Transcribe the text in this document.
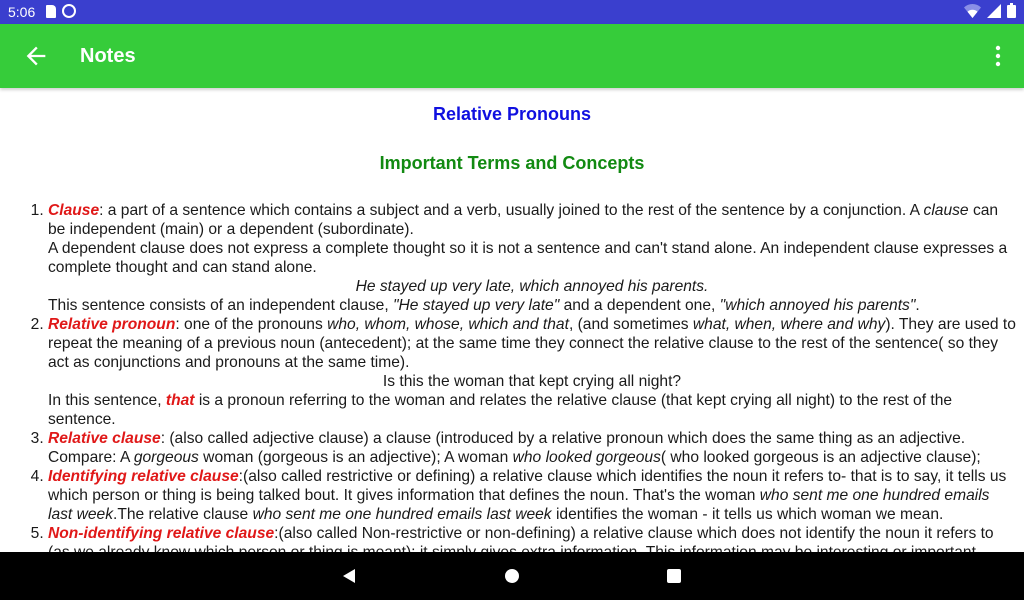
5:06
Notes
Relative Pronouns
Important Terms and Concepts
1. Clause: a part of a sentence which contains a subject and a verb, usually joined to the rest of the sentence by a conjunction. A clause can be independent (main) or a dependent (subordinate).
A dependent clause does not express a complete thought so it is not a sentence and can't stand alone. An independent clause expresses a complete thought and can stand alone.
He stayed up very late, which annoyed his parents.
This sentence consists of an independent clause, "He stayed up very late" and a dependent one, "which annoyed his parents".
2. Relative pronoun: one of the pronouns who, whom, whose, which and that, (and sometimes what, when, where and why). They are used to repeat the meaning of a previous noun (antecedent); at the same time they connect the relative clause to the rest of the sentence( so they act as conjunctions and pronouns at the same time).
Is this the woman that kept crying all night?
In this sentence, that is a pronoun referring to the woman and relates the relative clause (that kept crying all night) to the rest of the sentence.
3. Relative clause: (also called adjective clause) a clause (introduced by a relative pronoun which does the same thing as an adjective.
Compare: A gorgeous woman (gorgeous is an adjective); A woman who looked gorgeous( who looked gorgeous is an adjective clause);
4. Identifying relative clause:(also called restrictive or defining) a relative clause which identifies the noun it refers to- that is to say, it tells us which person or thing is being talked bout. It gives information that defines the noun. That's the woman who sent me one hundred emails last week.The relative clause who sent me one hundred emails last week identifies the woman - it tells us which woman we mean.
5. Non-identifying relative clause:(also called Non-restrictive or non-defining) a relative clause which does not identify the noun it refers to
